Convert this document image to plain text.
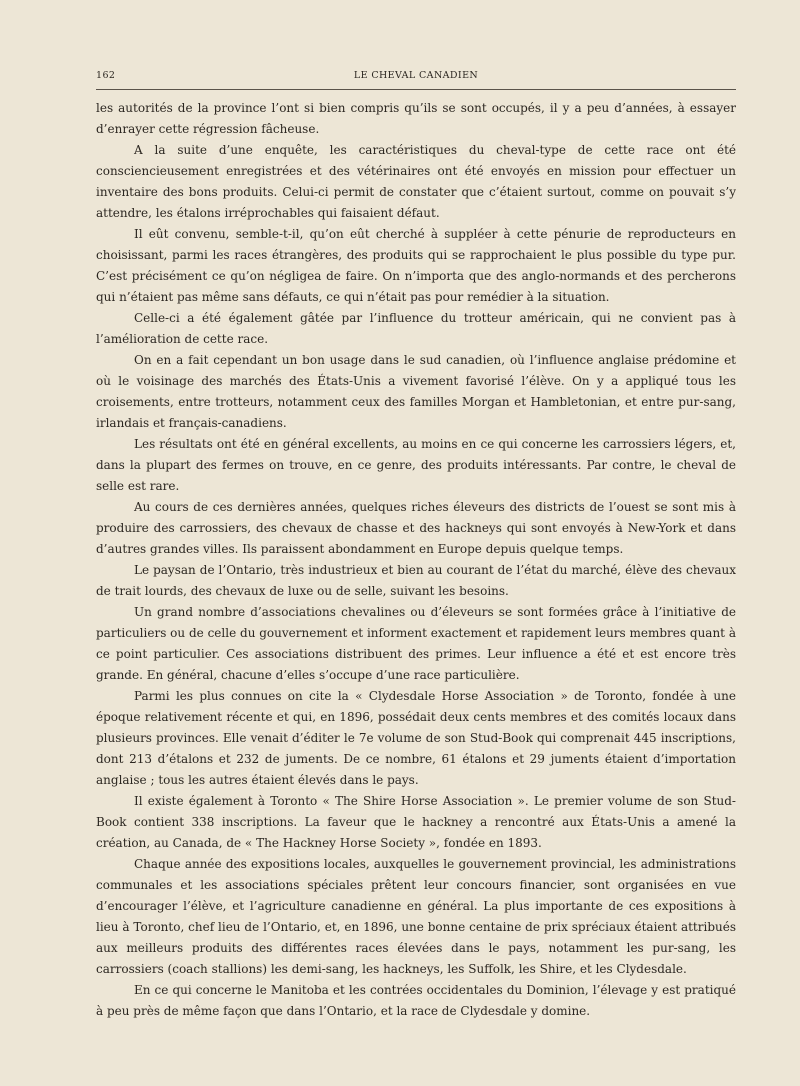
162	LE CHEVAL CANADIEN

les autorités de la province l’ont si bien compris qu’ils se sont occupés, il y a peu d’années, à essayer d’enrayer cette régression fâcheuse.

A la suite d’une enquête, les caractéristiques du cheval-type de cette race ont été consciencieusement enregistrées et des vétérinaires ont été envoyés en mission pour effectuer un inventaire des bons produits. Celui-ci permit de constater que c’étaient surtout, comme on pouvait s’y attendre, les étalons irréprochables qui faisaient défaut.

Il eût convenu, semble-t-il, qu’on eût cherché à suppléer à cette pénurie de reproducteurs en choisissant, parmi les races étrangères, des produits qui se rapprochaient le plus possible du type pur. C’est précisément ce qu’on négligea de faire. On n’importa que des anglo-normands et des percherons qui n’étaient pas même sans défauts, ce qui n’était pas pour remédier à la situation.

Celle-ci a été également gâtée par l’influence du trotteur américain, qui ne convient pas à l’amélioration de cette race.

On en a fait cependant un bon usage dans le sud canadien, où l’influence anglaise prédomine et où le voisinage des marchés des États-Unis a vivement favorisé l’élève. On y a appliqué tous les croisements, entre trotteurs, notamment ceux des familles Morgan et Hambletonian, et entre pur-sang, irlandais et français-canadiens.

Les résultats ont été en général excellents, au moins en ce qui concerne les carrossiers légers, et, dans la plupart des fermes on trouve, en ce genre, des produits intéressants. Par contre, le cheval de selle est rare.

Au cours de ces dernières années, quelques riches éleveurs des districts de l’ouest se sont mis à produire des carrossiers, des chevaux de chasse et des hackneys qui sont envoyés à New-York et dans d’autres grandes villes. Ils paraissent abondamment en Europe depuis quelque temps.

Le paysan de l’Ontario, très industrieux et bien au courant de l’état du marché, élève des chevaux de trait lourds, des chevaux de luxe ou de selle, suivant les besoins.

Un grand nombre d’associations chevalines ou d’éleveurs se sont formées grâce à l’initiative de particuliers ou de celle du gouvernement et informent exactement et rapidement leurs membres quant à ce point particulier. Ces associations distribuent des primes. Leur influence a été et est encore très grande. En général, chacune d’elles s’occupe d’une race particulière.

Parmi les plus connues on cite la « Clydesdale Horse Association » de Toronto, fondée à une époque relativement récente et qui, en 1896, possédait deux cents membres et des comités locaux dans plusieurs provinces. Elle venait d’éditer le 7e volume de son Stud-Book qui comprenait 445 inscriptions, dont 213 d’étalons et 232 de juments. De ce nombre, 61 étalons et 29 juments étaient d’importation anglaise ; tous les autres étaient élevés dans le pays.

Il existe également à Toronto « The Shire Horse Association ». Le premier volume de son Stud-Book contient 338 inscriptions. La faveur que le hackney a rencontré aux États-Unis a amené la création, au Canada, de « The Hackney Horse Society », fondée en 1893.

Chaque année des expositions locales, auxquelles le gouvernement provincial, les administrations communales et les associations spéciales prêtent leur concours financier, sont organisées en vue d’encourager l’élève, et l’agriculture canadienne en général. La plus importante de ces expositions à lieu à Toronto, chef lieu de l’Ontario, et, en 1896, une bonne centaine de prix spréciaux étaient attribués aux meilleurs produits des différentes races élevées dans le pays, notamment les pur-sang, les carrossiers (coach stallions) les demi-sang, les hackneys, les Suffolk, les Shire, et les Clydesdale.

En ce qui concerne le Manitoba et les contrées occidentales du Dominion, l’élevage y est pratiqué à peu près de même façon que dans l’Ontario, et la race de Clydesdale y domine.
